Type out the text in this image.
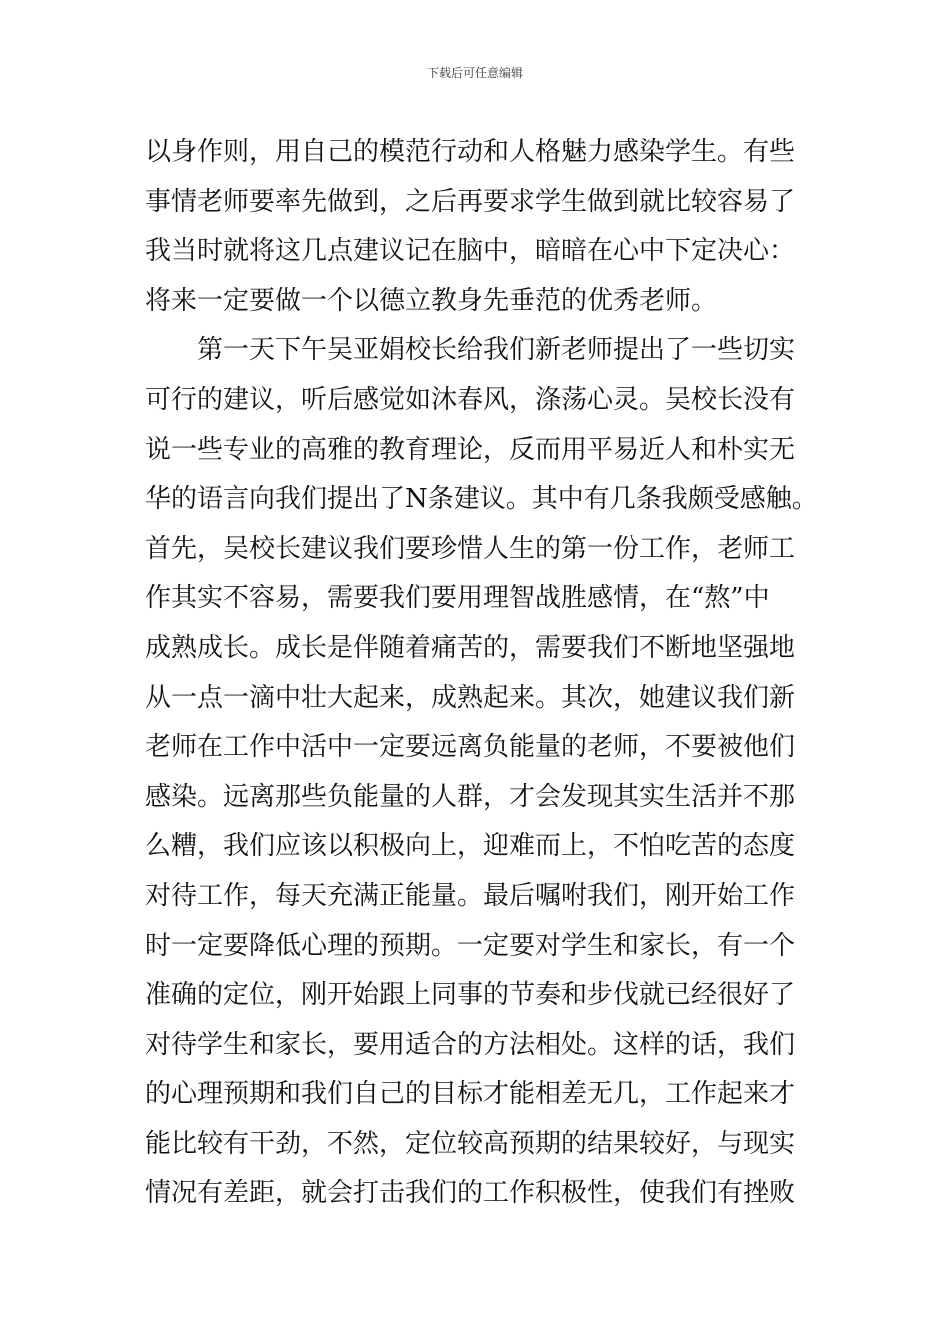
下载后可任意编辑
以身作则，用自己的模范行动和人格魅力感染学生。有些
事情老师要率先做到，之后再要求学生做到就比较容易了
我当时就将这几点建议记在脑中，暗暗在心中下定决心：
将来一定要做一个以德立教身先垂范的优秀老师。
第一天下午吴亚娟校长给我们新老师提出了一些切实
可行的建议，听后感觉如沐春风，涤荡心灵。吴校长没有
说一些专业的高雅的教育理论，反而用平易近人和朴实无
华的语言向我们提出了N条建议。其中有几条我颇受感触。
首先，吴校长建议我们要珍惜人生的第一份工作，老师工
作其实不容易，需要我们要用理智战胜感情，在“熬”中
成熟成长。成长是伴随着痛苦的，需要我们不断地坚强地
从一点一滴中壮大起来，成熟起来。其次，她建议我们新
老师在工作中活中一定要远离负能量的老师，不要被他们
感染。远离那些负能量的人群，才会发现其实生活并不那
么糟，我们应该以积极向上，迎难而上，不怕吃苦的态度
对待工作，每天充满正能量。最后嘱咐我们，刚开始工作
时一定要降低心理的预期。一定要对学生和家长，有一个
准确的定位，刚开始跟上同事的节奏和步伐就已经很好了
对待学生和家长，要用适合的方法相处。这样的话，我们
的心理预期和我们自己的目标才能相差无几，工作起来才
能比较有干劲，不然，定位较高预期的结果较好，与现实
情况有差距，就会打击我们的工作积极性，使我们有挫败
